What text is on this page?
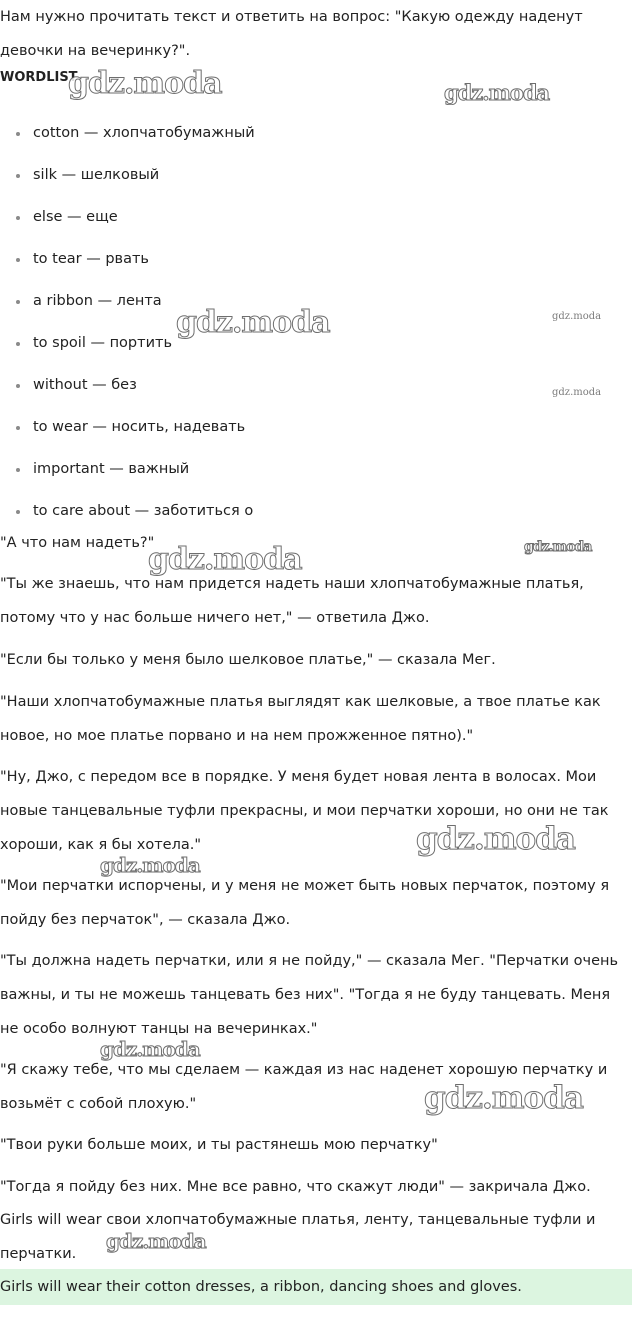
Нам нужно прочитать текст и ответить на вопрос: "Какую одежду наденут девочки на вечеринку?".

WORDLIST

cotton — хлопчатобумажный
silk — шелковый
else — еще
to tear — рвать
a ribbon — лента
to spoil — портить
without — без
to wear — носить, надевать
important — важный
to care about — заботиться о

"А что нам надеть?"

"Ты же знаешь, что нам придется надеть наши хлопчатобумажные платья, потому что у нас больше ничего нет," — ответила Джо.

"Если бы только у меня было шелковое платье," — сказала Мег.

"Наши хлопчатобумажные платья выглядят как шелковые, а твое платье как новое, но мое платье порвано и на нем прожженное пятно)."

"Ну, Джо, с передом все в порядке. У меня будет новая лента в волосах. Мои новые танцевальные туфли прекрасны, и мои перчатки хороши, но они не так хороши, как я бы хотела."

"Мои перчатки испорчены, и у меня не может быть новых перчаток, поэтому я пойду без перчаток", — сказала Джо.

"Ты должна надеть перчатки, или я не пойду," — сказала Мег. "Перчатки очень важны, и ты не можешь танцевать без них". "Тогда я не буду танцевать. Меня не особо волнуют танцы на вечеринках."

"Я скажу тебе, что мы сделаем — каждая из нас наденет хорошую перчатку и возьмёт с собой плохую."

"Твои руки больше моих, и ты растянешь мою перчатку"

"Тогда я пойду без них. Мне все равно, что скажут люди" — закричала Джо.

Girls will wear свои хлопчатобумажные платья, ленту, танцевальные туфли и перчатки.

Girls will wear their cotton dresses, a ribbon, dancing shoes and gloves.
gdz.moda	gdz.moda
gdz.moda	gdz.moda
gdz.moda
gdz.moda	gdz.moda
gdz.moda
gdz.moda
gdz.moda
gdz.moda
gdz.moda
